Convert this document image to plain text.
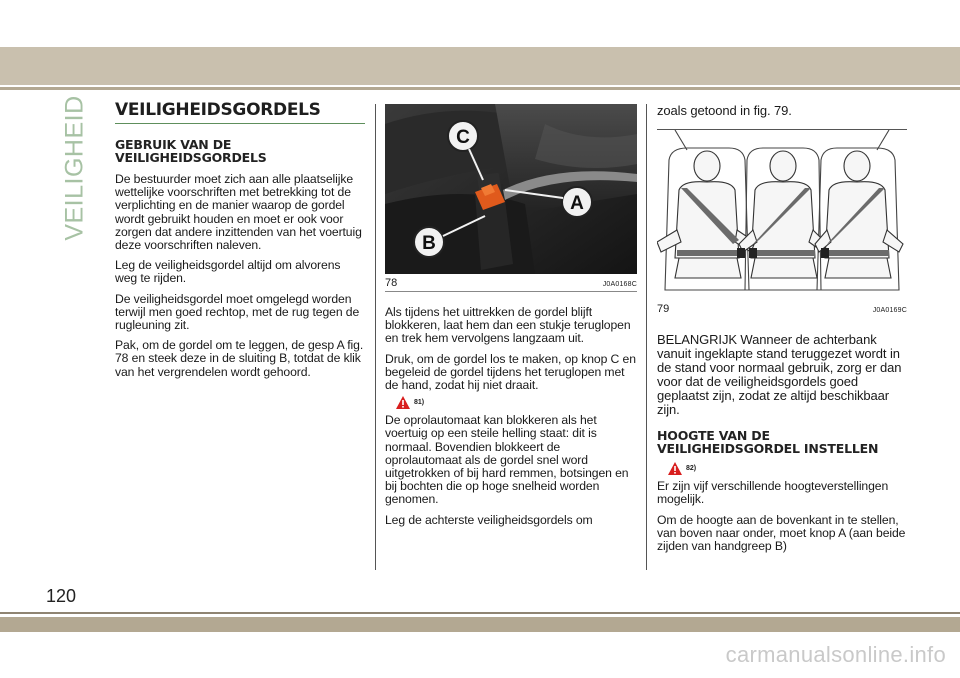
VEILIGHEID VEILIGHEIDSGORDELS
GEBRUIK VAN DE VEILIGHEIDSGORDELS

De bestuurder moet zich aan alle plaatselijke wettelijke voorschriften met betrekking tot de verplichting en de manier waarop de gordel wordt gebruikt houden en moet er ook voor zorgen dat andere inzittenden van het voertuig deze voorschriften naleven.

Leg de veiligheidsgordel altijd om alvorens weg te rijden.

De veiligheidsgordel moet omgelegd worden terwijl men goed rechtop, met de rug tegen de rugleuning zit.

Pak, om de gordel om te leggen, de gesp A fig. 78 en steek deze in de sluiting B, totdat de klik van het vergrendelen wordt gehoord.

C
A
B
78	J0A0168C

Als tijdens het uittrekken de gordel blijft blokkeren, laat hem dan een stukje teruglopen en trek hem vervolgens langzaam uit.

Druk, om de gordel los te maken, op knop C en begeleid de gordel tijdens het teruglopen met de hand, zodat hij niet draait.

81)

De oprolautomaat kan blokkeren als het voertuig op een steile helling staat: dit is normaal. Bovendien blokkeert de oprolautomaat als de gordel snel word uitgetrokken of bij hard remmen, botsingen en bij bochten die op hoge snelheid worden genomen.

Leg de achterste veiligheidsgordels om

zoals getoond in fig. 79.

79	J0A0169C

BELANGRIJK Wanneer de achterbank vanuit ingeklapte stand teruggezet wordt in de stand voor normaal gebruik, zorg er dan voor dat de veiligheidsgordels goed geplaatst zijn, zodat ze altijd beschikbaar zijn.

HOOGTE VAN DE VEILIGHEIDSGORDEL INSTELLEN
82)

Er zijn vijf verschillende hoogteverstellingen mogelijk.

Om de hoogte aan de bovenkant in te stellen, van boven naar onder, moet knop A (aan beide zijden van handgreep B)

120
carmanualsonline.info
